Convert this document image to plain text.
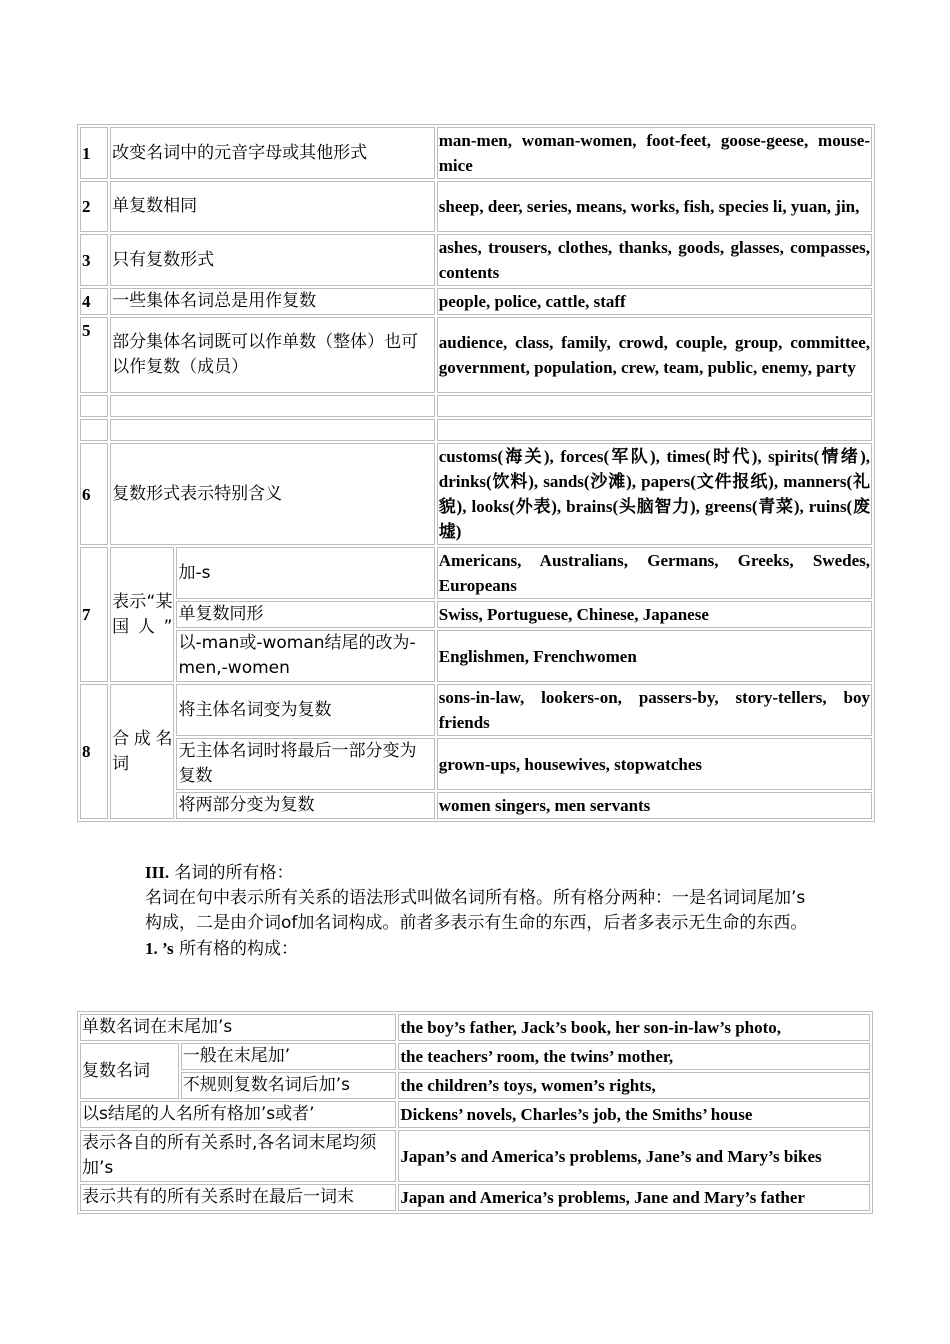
1	改变名词中的元音字母或其他形式		man-men, woman-women, foot-feet, goose-geese, mouse-mice
2	单复数相同		sheep, deer, series, means, works, fish, species li, yuan, jin,
3	只有复数形式		ashes, trousers, clothes, thanks, goods, glasses, compasses, contents
4	一些集体名词总是用作复数		people, police, cattle, staff
5	部分集体名词既可以作单数（整体）也可以作复数（成员）		audience, class, family, crowd, couple, group, committee, government, population, crew, team, public, enemy, party

6	复数形式表示特别含义		customs(海关), forces(军队), times(时代), spirits(情绪), drinks(饮料), sands(沙滩), papers(文件报纸), manners(礼貌), looks(外表), brains(头脑智力), greens(青菜), ruins(废墟)
7	表示“某国人”	加-s	Americans, Australians, Germans, Greeks, Swedes, Europeans
		单复数同形	Swiss, Portuguese, Chinese, Japanese
		以-man或-woman结尾的改为-men,-women	Englishmen, Frenchwomen
8	合成名词	将主体名词变为复数	sons-in-law, lookers-on, passers-by, story-tellers, boy friends
		无主体名词时将最后一部分变为复数	grown-ups, housewives, stopwatches
		将两部分变为复数	women singers, men servants
III. 名词的所有格：
名词在句中表示所有关系的语法形式叫做名词所有格。所有格分两种：一是名词词尾加’s构成，二是由介词of加名词构成。前者多表示有生命的东西，后者多表示无生命的东西。
1. ’s 所有格的构成：
单数名词在末尾加’s		the boy’s father, Jack’s book, her son-in-law’s photo,
复数名词	一般在末尾加’	the teachers’ room, the twins’ mother,
	不规则复数名词后加’s	the children’s toys, women’s rights,
以s结尾的人名所有格加’s或者’		Dickens’ novels, Charles’s job, the Smiths’ house
表示各自的所有关系时,各名词末尾均须加’s		Japan’s and America’s problems, Jane’s and Mary’s bikes
表示共有的所有关系时在最后一词末		Japan and America’s problems, Jane and Mary’s father
